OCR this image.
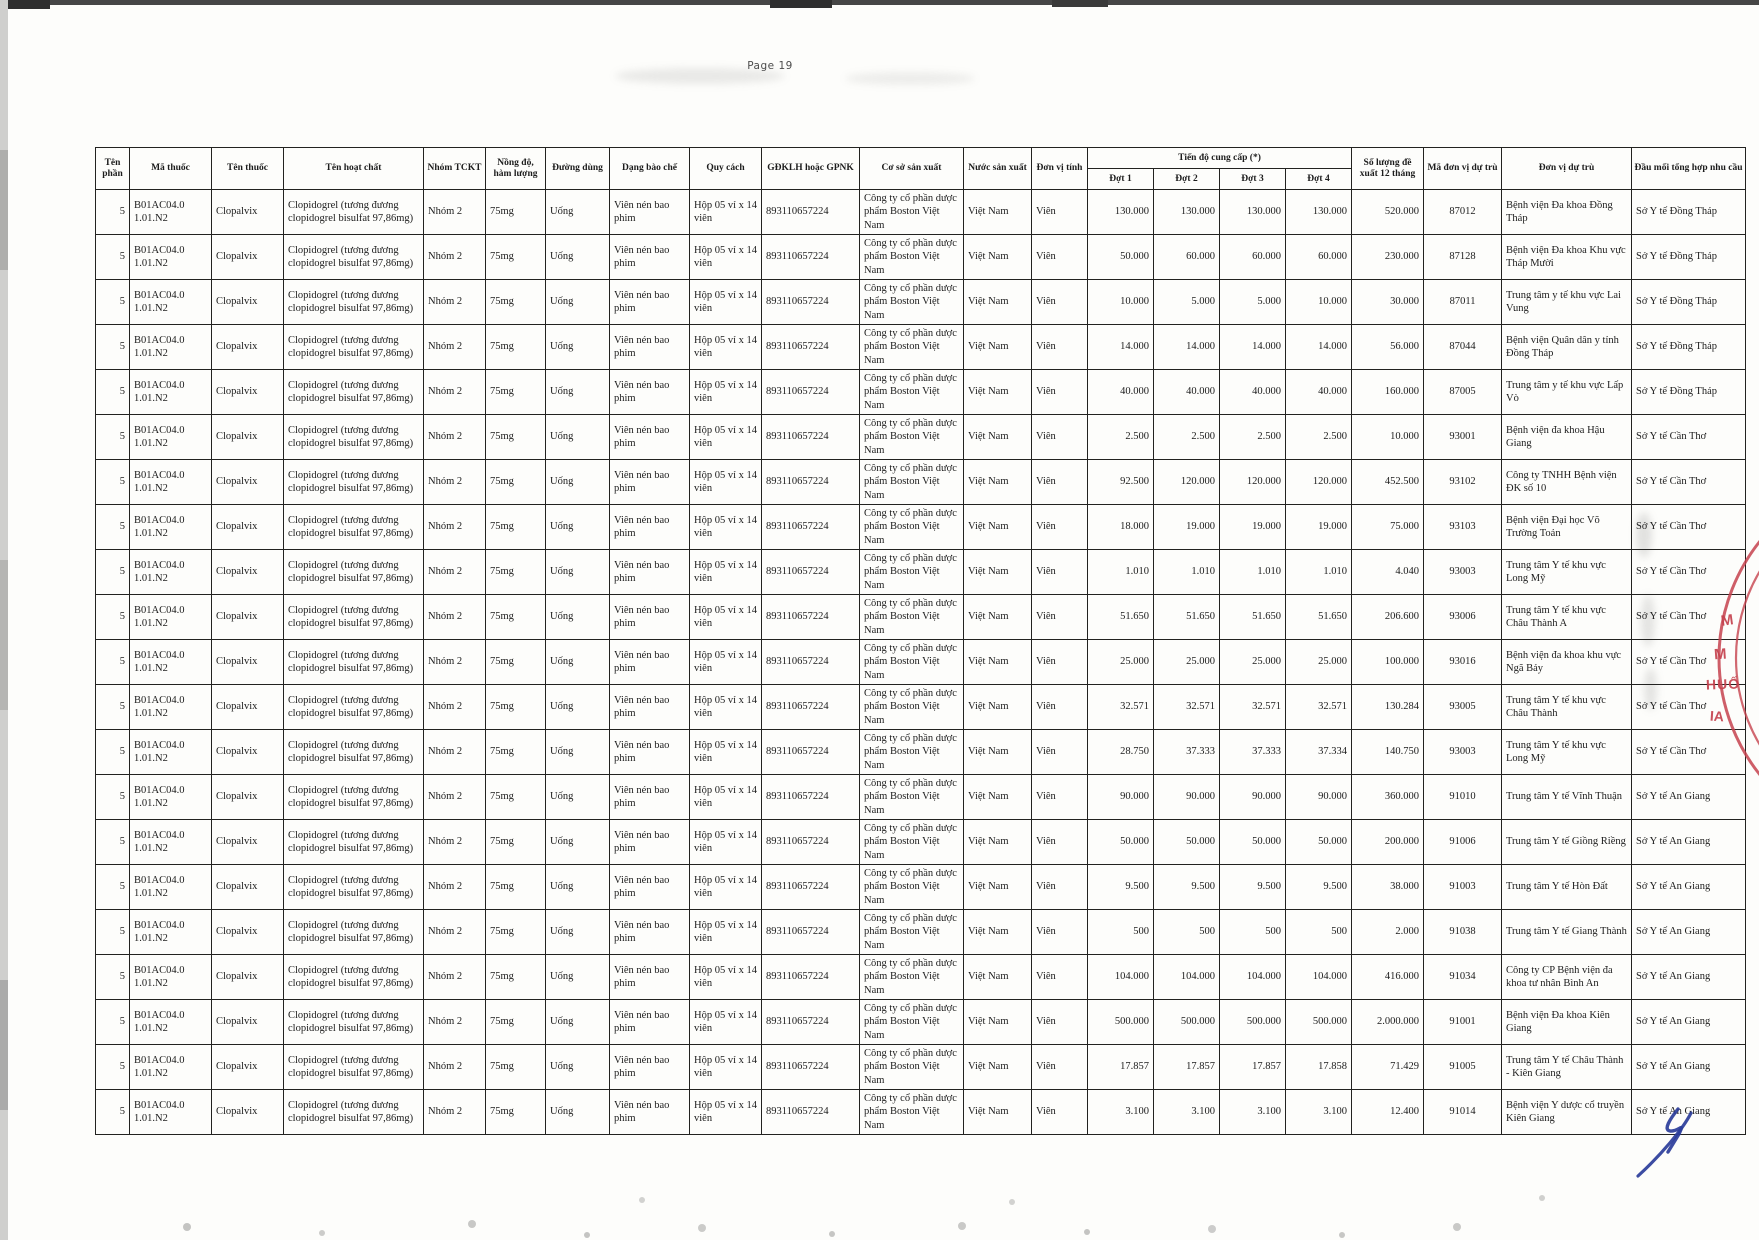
Page 19
Tên phần	Mã thuốc	Tên thuốc	Tên hoạt chất	Nhóm TCKT	Nồng độ, hàm lượng	Đường dùng	Dạng bào chế	Quy cách	GĐKLH hoặc GPNK	Cơ sở sản xuất	Nước sản xuất	Đơn vị tính	Tiến độ cung cấp (*)				Số lượng đề xuất 12 tháng	Mã đơn vị dự trù	Đơn vị dự trù	Đầu mối tổng hợp nhu cầu
													Đợt 1	Đợt 2	Đợt 3	Đợt 4				
5	B01AC04.0 1.01.N2	Clopalvix	Clopidogrel (tương đương clopidogrel bisulfat 97,86mg)	Nhóm 2	75mg	Uống	Viên nén bao phim	Hộp 05 vỉ x 14 viên	893110657224	Công ty cổ phần dược phẩm Boston Việt Nam	Việt Nam	Viên	130.000	130.000	130.000	130.000	520.000	87012	Bệnh viện Đa khoa Đồng Tháp	Sở Y tế Đồng Tháp
5	B01AC04.0 1.01.N2	Clopalvix	Clopidogrel (tương đương clopidogrel bisulfat 97,86mg)	Nhóm 2	75mg	Uống	Viên nén bao phim	Hộp 05 vỉ x 14 viên	893110657224	Công ty cổ phần dược phẩm Boston Việt Nam	Việt Nam	Viên	50.000	60.000	60.000	60.000	230.000	87128	Bệnh viện Đa khoa Khu vực Tháp Mười	Sở Y tế Đồng Tháp
5	B01AC04.0 1.01.N2	Clopalvix	Clopidogrel (tương đương clopidogrel bisulfat 97,86mg)	Nhóm 2	75mg	Uống	Viên nén bao phim	Hộp 05 vỉ x 14 viên	893110657224	Công ty cổ phần dược phẩm Boston Việt Nam	Việt Nam	Viên	10.000	5.000	5.000	10.000	30.000	87011	Trung tâm y tế khu vực Lai Vung	Sở Y tế Đồng Tháp
5	B01AC04.0 1.01.N2	Clopalvix	Clopidogrel (tương đương clopidogrel bisulfat 97,86mg)	Nhóm 2	75mg	Uống	Viên nén bao phim	Hộp 05 vỉ x 14 viên	893110657224	Công ty cổ phần dược phẩm Boston Việt Nam	Việt Nam	Viên	14.000	14.000	14.000	14.000	56.000	87044	Bệnh viện Quân dân y tỉnh Đồng Tháp	Sở Y tế Đồng Tháp
5	B01AC04.0 1.01.N2	Clopalvix	Clopidogrel (tương đương clopidogrel bisulfat 97,86mg)	Nhóm 2	75mg	Uống	Viên nén bao phim	Hộp 05 vỉ x 14 viên	893110657224	Công ty cổ phần dược phẩm Boston Việt Nam	Việt Nam	Viên	40.000	40.000	40.000	40.000	160.000	87005	Trung tâm y tế khu vực Lấp Vò	Sở Y tế Đồng Tháp
5	B01AC04.0 1.01.N2	Clopalvix	Clopidogrel (tương đương clopidogrel bisulfat 97,86mg)	Nhóm 2	75mg	Uống	Viên nén bao phim	Hộp 05 vỉ x 14 viên	893110657224	Công ty cổ phần dược phẩm Boston Việt Nam	Việt Nam	Viên	2.500	2.500	2.500	2.500	10.000	93001	Bệnh viện đa khoa Hậu Giang	Sở Y tế Cần Thơ
5	B01AC04.0 1.01.N2	Clopalvix	Clopidogrel (tương đương clopidogrel bisulfat 97,86mg)	Nhóm 2	75mg	Uống	Viên nén bao phim	Hộp 05 vỉ x 14 viên	893110657224	Công ty cổ phần dược phẩm Boston Việt Nam	Việt Nam	Viên	92.500	120.000	120.000	120.000	452.500	93102	Công ty TNHH Bệnh viện ĐK số 10	Sở Y tế Cần Thơ
5	B01AC04.0 1.01.N2	Clopalvix	Clopidogrel (tương đương clopidogrel bisulfat 97,86mg)	Nhóm 2	75mg	Uống	Viên nén bao phim	Hộp 05 vỉ x 14 viên	893110657224	Công ty cổ phần dược phẩm Boston Việt Nam	Việt Nam	Viên	18.000	19.000	19.000	19.000	75.000	93103	Bệnh viện Đại học Võ Trường Toản	Sở Y tế Cần Thơ
5	B01AC04.0 1.01.N2	Clopalvix	Clopidogrel (tương đương clopidogrel bisulfat 97,86mg)	Nhóm 2	75mg	Uống	Viên nén bao phim	Hộp 05 vỉ x 14 viên	893110657224	Công ty cổ phần dược phẩm Boston Việt Nam	Việt Nam	Viên	1.010	1.010	1.010	1.010	4.040	93003	Trung tâm Y tế khu vực Long Mỹ	Sở Y tế Cần Thơ
5	B01AC04.0 1.01.N2	Clopalvix	Clopidogrel (tương đương clopidogrel bisulfat 97,86mg)	Nhóm 2	75mg	Uống	Viên nén bao phim	Hộp 05 vỉ x 14 viên	893110657224	Công ty cổ phần dược phẩm Boston Việt Nam	Việt Nam	Viên	51.650	51.650	51.650	51.650	206.600	93006	Trung tâm Y tế khu vực Châu Thành A	Sở Y tế Cần Thơ
5	B01AC04.0 1.01.N2	Clopalvix	Clopidogrel (tương đương clopidogrel bisulfat 97,86mg)	Nhóm 2	75mg	Uống	Viên nén bao phim	Hộp 05 vỉ x 14 viên	893110657224	Công ty cổ phần dược phẩm Boston Việt Nam	Việt Nam	Viên	25.000	25.000	25.000	25.000	100.000	93016	Bệnh viện đa khoa khu vực Ngã Bảy	Sở Y tế Cần Thơ
5	B01AC04.0 1.01.N2	Clopalvix	Clopidogrel (tương đương clopidogrel bisulfat 97,86mg)	Nhóm 2	75mg	Uống	Viên nén bao phim	Hộp 05 vỉ x 14 viên	893110657224	Công ty cổ phần dược phẩm Boston Việt Nam	Việt Nam	Viên	32.571	32.571	32.571	32.571	130.284	93005	Trung tâm Y tế khu vực Châu Thành	Sở Y tế Cần Thơ
5	B01AC04.0 1.01.N2	Clopalvix	Clopidogrel (tương đương clopidogrel bisulfat 97,86mg)	Nhóm 2	75mg	Uống	Viên nén bao phim	Hộp 05 vỉ x 14 viên	893110657224	Công ty cổ phần dược phẩm Boston Việt Nam	Việt Nam	Viên	28.750	37.333	37.333	37.334	140.750	93003	Trung tâm Y tế khu vực Long Mỹ	Sở Y tế Cần Thơ
5	B01AC04.0 1.01.N2	Clopalvix	Clopidogrel (tương đương clopidogrel bisulfat 97,86mg)	Nhóm 2	75mg	Uống	Viên nén bao phim	Hộp 05 vỉ x 14 viên	893110657224	Công ty cổ phần dược phẩm Boston Việt Nam	Việt Nam	Viên	90.000	90.000	90.000	90.000	360.000	91010	Trung tâm Y tế Vĩnh Thuận	Sở Y tế An Giang
5	B01AC04.0 1.01.N2	Clopalvix	Clopidogrel (tương đương clopidogrel bisulfat 97,86mg)	Nhóm 2	75mg	Uống	Viên nén bao phim	Hộp 05 vỉ x 14 viên	893110657224	Công ty cổ phần dược phẩm Boston Việt Nam	Việt Nam	Viên	50.000	50.000	50.000	50.000	200.000	91006	Trung tâm Y tế Giồng Riềng	Sở Y tế An Giang
5	B01AC04.0 1.01.N2	Clopalvix	Clopidogrel (tương đương clopidogrel bisulfat 97,86mg)	Nhóm 2	75mg	Uống	Viên nén bao phim	Hộp 05 vỉ x 14 viên	893110657224	Công ty cổ phần dược phẩm Boston Việt Nam	Việt Nam	Viên	9.500	9.500	9.500	9.500	38.000	91003	Trung tâm Y tế Hòn Đất	Sở Y tế An Giang
5	B01AC04.0 1.01.N2	Clopalvix	Clopidogrel (tương đương clopidogrel bisulfat 97,86mg)	Nhóm 2	75mg	Uống	Viên nén bao phim	Hộp 05 vỉ x 14 viên	893110657224	Công ty cổ phần dược phẩm Boston Việt Nam	Việt Nam	Viên	500	500	500	500	2.000	91038	Trung tâm Y tế Giang Thành	Sở Y tế An Giang
5	B01AC04.0 1.01.N2	Clopalvix	Clopidogrel (tương đương clopidogrel bisulfat 97,86mg)	Nhóm 2	75mg	Uống	Viên nén bao phim	Hộp 05 vỉ x 14 viên	893110657224	Công ty cổ phần dược phẩm Boston Việt Nam	Việt Nam	Viên	104.000	104.000	104.000	104.000	416.000	91034	Công ty CP Bệnh viện đa khoa tư nhân Bình An	Sở Y tế An Giang
5	B01AC04.0 1.01.N2	Clopalvix	Clopidogrel (tương đương clopidogrel bisulfat 97,86mg)	Nhóm 2	75mg	Uống	Viên nén bao phim	Hộp 05 vỉ x 14 viên	893110657224	Công ty cổ phần dược phẩm Boston Việt Nam	Việt Nam	Viên	500.000	500.000	500.000	500.000	2.000.000	91001	Bệnh viện Đa khoa Kiên Giang	Sở Y tế An Giang
5	B01AC04.0 1.01.N2	Clopalvix	Clopidogrel (tương đương clopidogrel bisulfat 97,86mg)	Nhóm 2	75mg	Uống	Viên nén bao phim	Hộp 05 vỉ x 14 viên	893110657224	Công ty cổ phần dược phẩm Boston Việt Nam	Việt Nam	Viên	17.857	17.857	17.857	17.858	71.429	91005	Trung tâm Y tế Châu Thành - Kiên Giang	Sở Y tế An Giang
5	B01AC04.0 1.01.N2	Clopalvix	Clopidogrel (tương đương clopidogrel bisulfat 97,86mg)	Nhóm 2	75mg	Uống	Viên nén bao phim	Hộp 05 vỉ x 14 viên	893110657224	Công ty cổ phần dược phẩm Boston Việt Nam	Việt Nam	Viên	3.100	3.100	3.100	3.100	12.400	91014	Bệnh viện Y dược cổ truyền Kiên Giang	Sở Y tế An Giang
M
M
HUỐ
IA
